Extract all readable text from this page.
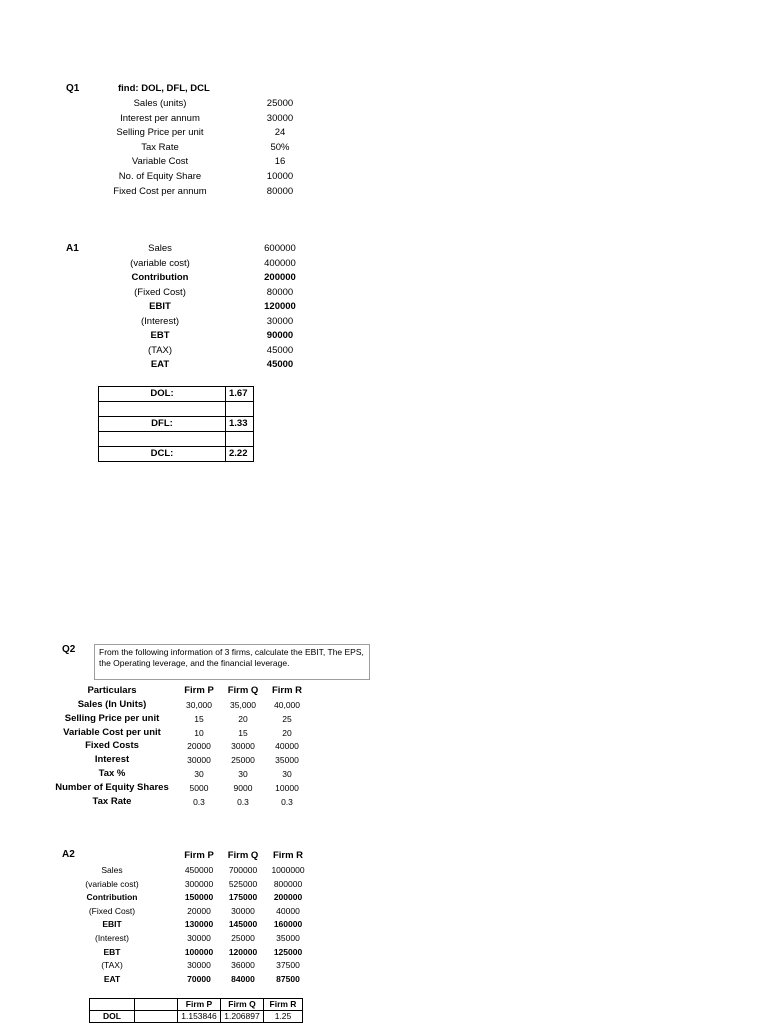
Q1	find: DOL, DFL, DCL
Sales (units)	25000
Interest per annum	30000
Selling Price per unit	24
Tax Rate	50%
Variable Cost	16
No. of Equity Share	10000
Fixed Cost per annum	80000
A1	Sales	600000
(variable cost)	400000
Contribution	200000
(Fixed Cost)	80000
EBIT	120000
(Interest)	30000
EBT	90000
(TAX)	45000
EAT	45000
DOL:	1.67
DFL:	1.33
DCL:	2.22
Q2	From the following information of 3 firms, calculate the EBIT, The EPS, the Operating leverage, and the financial leverage.
Particulars	Firm P	Firm Q	Firm R
Sales (In Units)	30,000	35,000	40,000
Selling Price per unit	15	20	25
Variable Cost per unit	10	15	20
Fixed Costs	20000	30000	40000
Interest	30000	25000	35000
Tax %	30	30	30
Number of Equity Shares	5000	9000	10000
Tax Rate	0.3	0.3	0.3
A2	Firm P	Firm Q	Firm R
Sales	450000	700000	1000000
(variable cost)	300000	525000	800000
Contribution	150000	175000	200000
(Fixed Cost)	20000	30000	40000
EBIT	130000	145000	160000
(Interest)	30000	25000	35000
EBT	100000	120000	125000
(TAX)	30000	36000	37500
EAT	70000	84000	87500
		Firm P	Firm Q	Firm R
DOL		1.153846	1.206897	1.25
